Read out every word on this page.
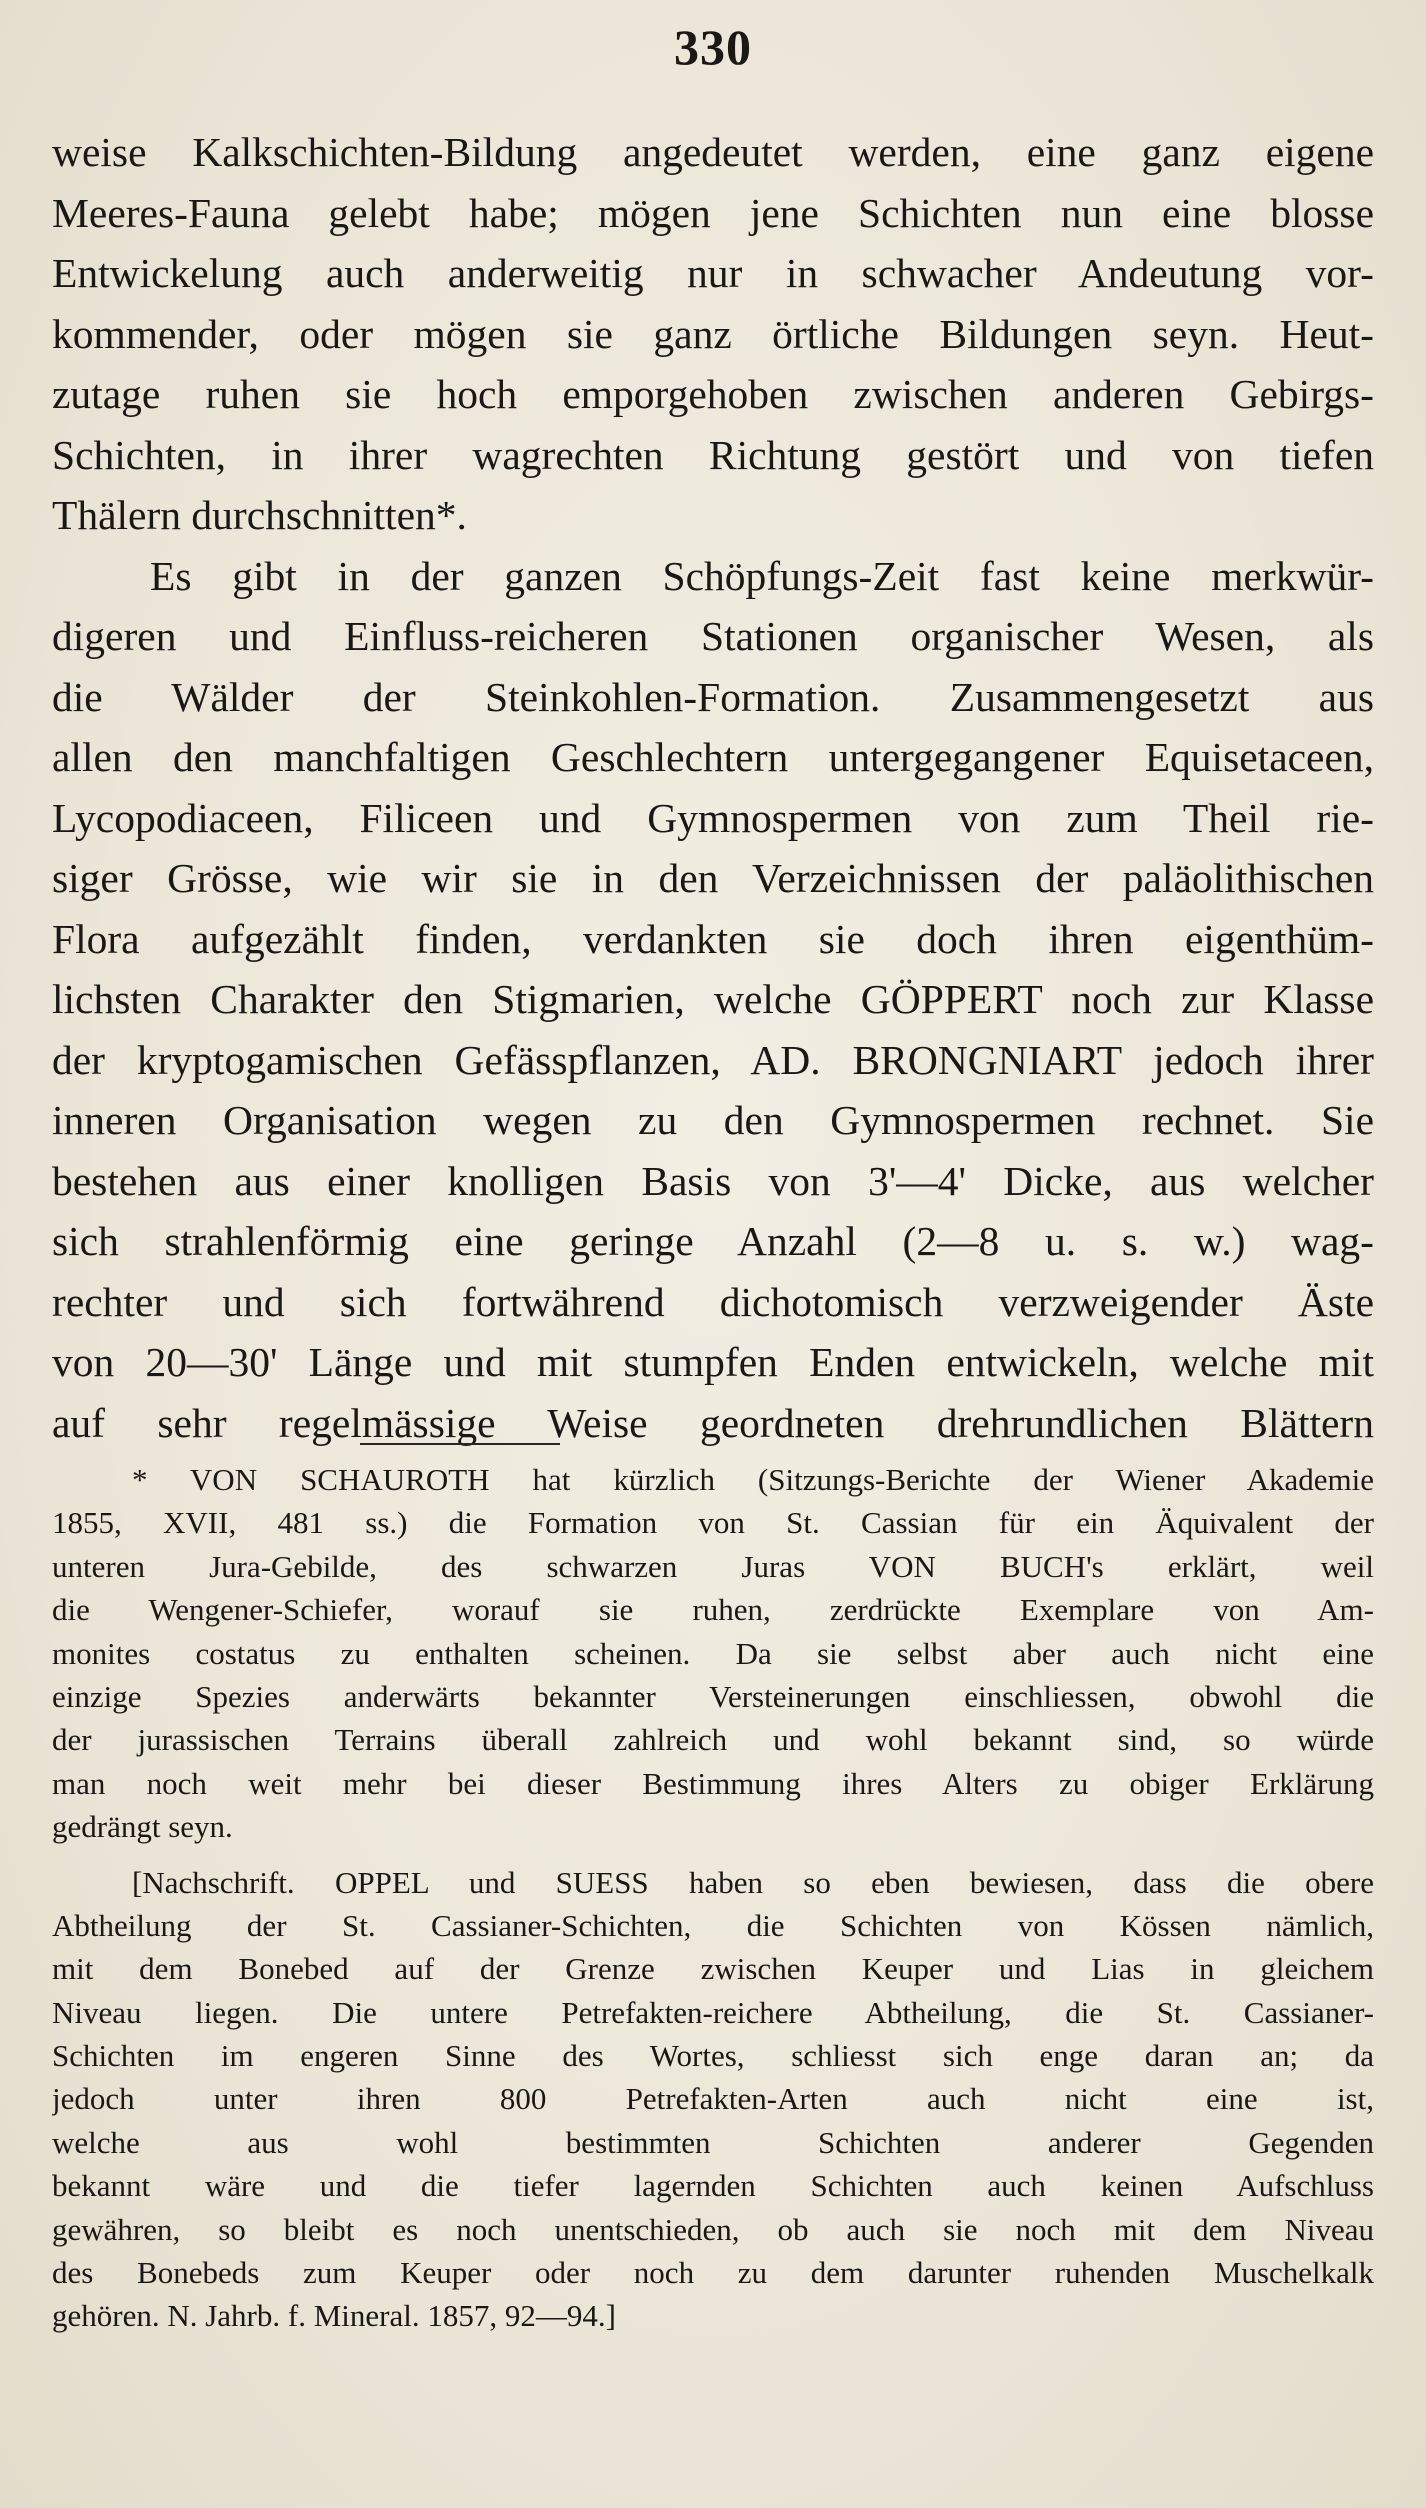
330
weise Kalkschichten-Bildung angedeutet werden, eine ganz eigene
Meeres-Fauna gelebt habe; mögen jene Schichten nun eine blosse
Entwickelung auch anderweitig nur in schwacher Andeutung vor-
kommender, oder mögen sie ganz örtliche Bildungen seyn. Heut-
zutage ruhen sie hoch emporgehoben zwischen anderen Gebirgs-
Schichten, in ihrer wagrechten Richtung gestört und von tiefen
Thälern durchschnitten*.
Es gibt in der ganzen Schöpfungs-Zeit fast keine merkwür-
digeren und Einfluss-reicheren Stationen organischer Wesen, als
die Wälder der Steinkohlen-Formation. Zusammengesetzt aus
allen den manchfaltigen Geschlechtern untergegangener Equisetaceen,
Lycopodiaceen, Filiceen und Gymnospermen von zum Theil rie-
siger Grösse, wie wir sie in den Verzeichnissen der paläolithischen
Flora aufgezählt finden, verdankten sie doch ihren eigenthüm-
lichsten Charakter den Stigmarien, welche GÖPPERT noch zur Klasse
der kryptogamischen Gefässpflanzen, AD. BRONGNIART jedoch ihrer
inneren Organisation wegen zu den Gymnospermen rechnet. Sie
bestehen aus einer knolligen Basis von 3'—4' Dicke, aus welcher
sich strahlenförmig eine geringe Anzahl (2—8 u. s. w.) wag-
rechter und sich fortwährend dichotomisch verzweigender Äste
von 20—30' Länge und mit stumpfen Enden entwickeln, welche mit
auf sehr regelmässige Weise geordneten drehrundlichen Blättern
* VON SCHAUROTH hat kürzlich (Sitzungs-Berichte der Wiener Akademie
1855, XVII, 481 ss.) die Formation von St. Cassian für ein Äquivalent der
unteren Jura-Gebilde, des schwarzen Juras VON BUCH's erklärt, weil
die Wengener-Schiefer, worauf sie ruhen, zerdrückte Exemplare von Am-
monites costatus zu enthalten scheinen. Da sie selbst aber auch nicht eine
einzige Spezies anderwärts bekannter Versteinerungen einschliessen, obwohl die
der jurassischen Terrains überall zahlreich und wohl bekannt sind, so würde
man noch weit mehr bei dieser Bestimmung ihres Alters zu obiger Erklärung
gedrängt seyn.
[Nachschrift. OPPEL und SUESS haben so eben bewiesen, dass die obere
Abtheilung der St. Cassianer-Schichten, die Schichten von Kössen nämlich,
mit dem Bonebed auf der Grenze zwischen Keuper und Lias in gleichem
Niveau liegen. Die untere Petrefakten-reichere Abtheilung, die St. Cassianer-
Schichten im engeren Sinne des Wortes, schliesst sich enge daran an; da
jedoch unter ihren 800 Petrefakten-Arten auch nicht eine ist,
welche aus wohl bestimmten Schichten anderer Gegenden
bekannt wäre und die tiefer lagernden Schichten auch keinen Aufschluss
gewähren, so bleibt es noch unentschieden, ob auch sie noch mit dem Niveau
des Bonebeds zum Keuper oder noch zu dem darunter ruhenden Muschelkalk
gehören. N. Jahrb. f. Mineral. 1857, 92—94.]
